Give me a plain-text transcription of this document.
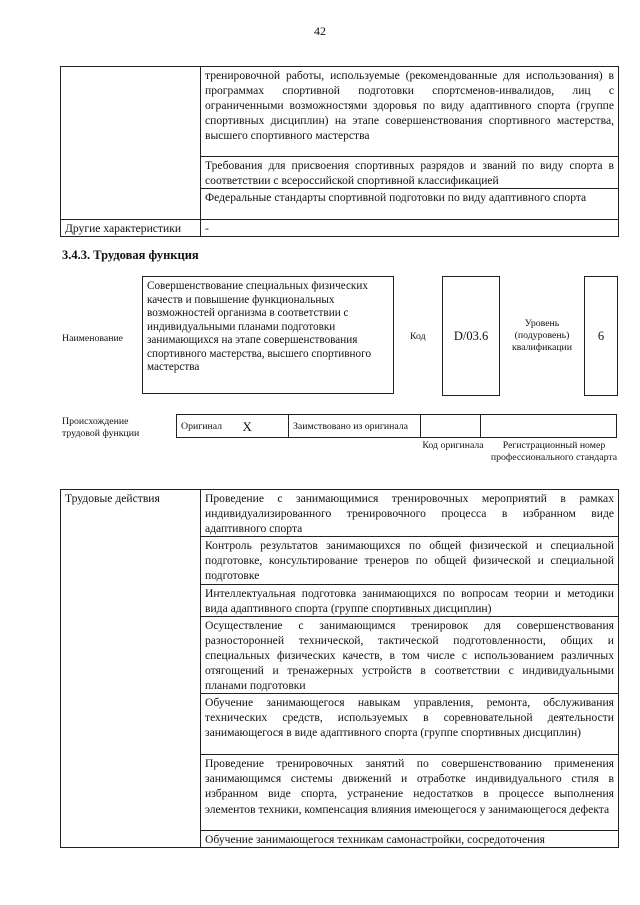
42
	тренировочной работы, используемые (рекомендованные для использования) в программах спортивной подготовки спортсменов-инвалидов, лиц с ограниченными возможностями здоровья по виду адаптивного спорта (группе спортивных дисциплин) на этапе совершенствования спортивного мастерства, высшего спортивного мастерства
	Требования для присвоения спортивных разрядов и званий по виду спорта в соответствии с всероссийской спортивной классификацией
	Федеральные стандарты спортивной подготовки по виду адаптивного спорта
Другие характеристики	-
3.4.3. Трудовая функция
Наименование
Совершенствование специальных физических качеств и повышение функциональных возможностей организма в соответствии с индивидуальными планами подготовки занимающихся на этапе совершенствования спортивного мастерства, высшего спортивного мастерства
Код	D/03.6
Уровень (подуровень) квалификации
6
Происхождение трудовой функции
Оригинал	X	Заимствовано из оригинала		
Код оригинала	Регистрационный номер профессионального стандарта
Трудовые действия	Проведение с занимающимися тренировочных мероприятий в рамках индивидуализированного тренировочного процесса в избранном виде адаптивного спорта
Контроль результатов занимающихся по общей физической и специальной подготовке, консультирование тренеров по общей физической и специальной подготовке
Интеллектуальная подготовка занимающихся по вопросам теории и методики вида адаптивного спорта (группе спортивных дисциплин)
Осуществление с занимающимся тренировок для совершенствования разносторонней технической, тактической подготовленности, общих и специальных физических качеств, в том числе с использованием различных отягощений и тренажерных устройств в соответствии с индивидуальными планами подготовки
Обучение занимающегося навыкам управления, ремонта, обслуживания технических средств, используемых в соревновательной деятельности занимающегося в виде адаптивного спорта (группе спортивных дисциплин)
Проведение тренировочных занятий по совершенствованию применения занимающимся системы движений и отработке индивидуального стиля в избранном виде спорта, устранение недостатков в процессе выполнения элементов техники, компенсация влияния имеющегося у занимающегося дефекта
Обучение занимающегося техникам самонастройки, сосредоточения
